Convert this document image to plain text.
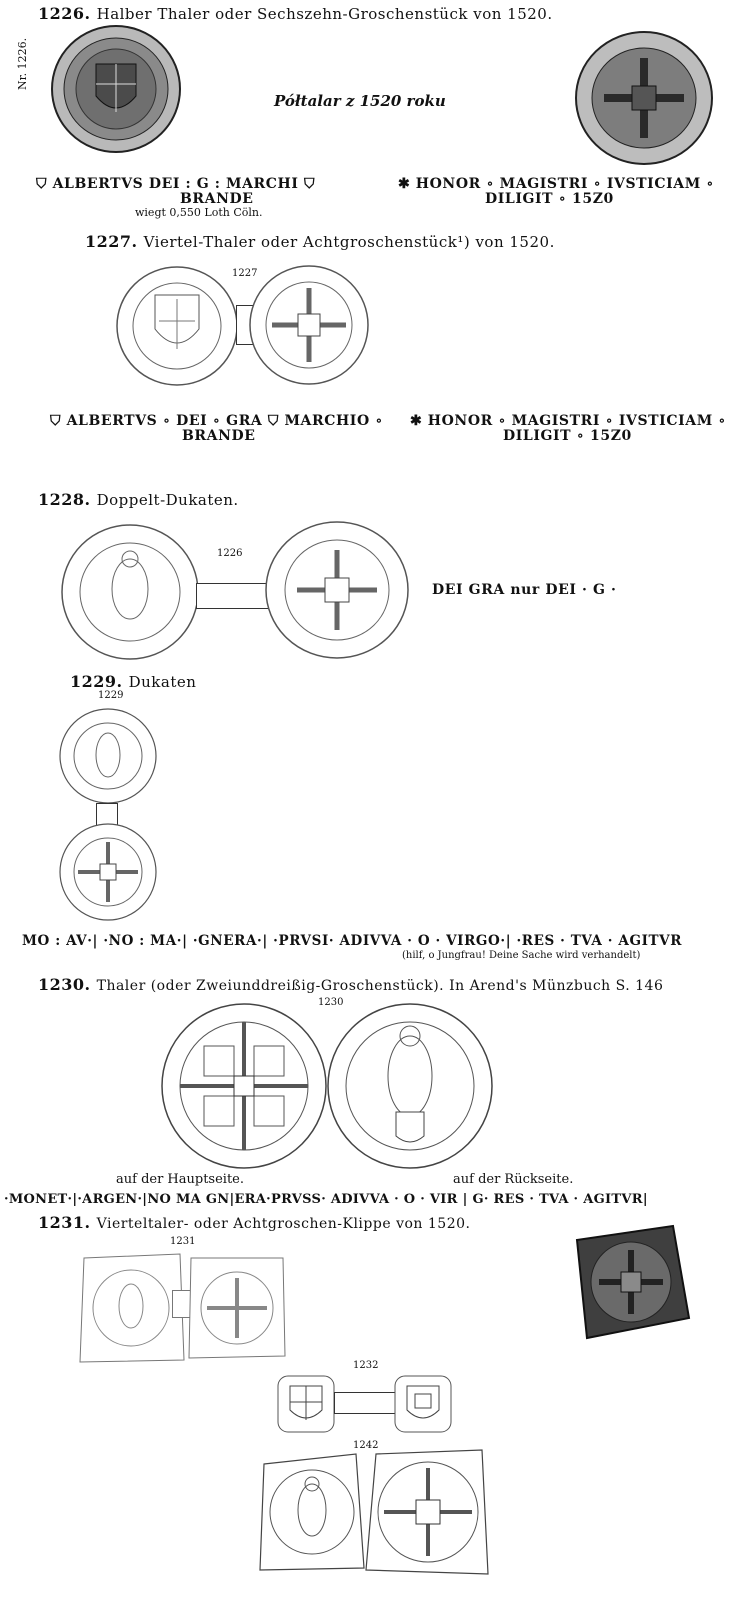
1226. Halber Thaler oder Sechszehn-Groschenstück von 1520.
Nr. 1226.
Półtalar z 1520 roku
⛉ ALBERTVS DEI : G : MARCHI ⛉
BRANDE
wiegt 0,550 Loth Cöln.
✱ HONOR ∘ MAGISTRI ∘ IVSTICIAM ∘
DILIGIT ∘ 15Z0
1227. Viertel-Thaler oder Achtgroschenstück¹) von 1520.
1227
⛉ ALBERTVS ∘ DEI ∘ GRA ⛉ MARCHIO ∘
BRANDE
✱ HONOR ∘ MAGISTRI ∘ IVSTICIAM ∘
DILIGIT ∘ 15Z0
1228. Doppelt-Dukaten.
1226
DEI GRA nur DEI · G ·
1229. Dukaten
1229
MO : AV·| ·NO : MA·| ·GNERA·| ·PRVSI· ADIVVA · O · VIRGO·| ·RES · TVA · AGITVR
(hilf, o Jungfrau! Deine Sache wird verhandelt)
1230. Thaler (oder Zweiunddreißig-Groschenstück). In Arend's Münzbuch S. 146
1230
auf der Hauptseite.	auf der Rückseite.
·MONET·|·ARGEN·|NO MA GN|ERA·PRVSS· ADIVVA · O · VIR | G· RES · TVA · AGITVR|
1231. Vierteltaler- oder Achtgroschen-Klippe von 1520.
1231
1232
1242
